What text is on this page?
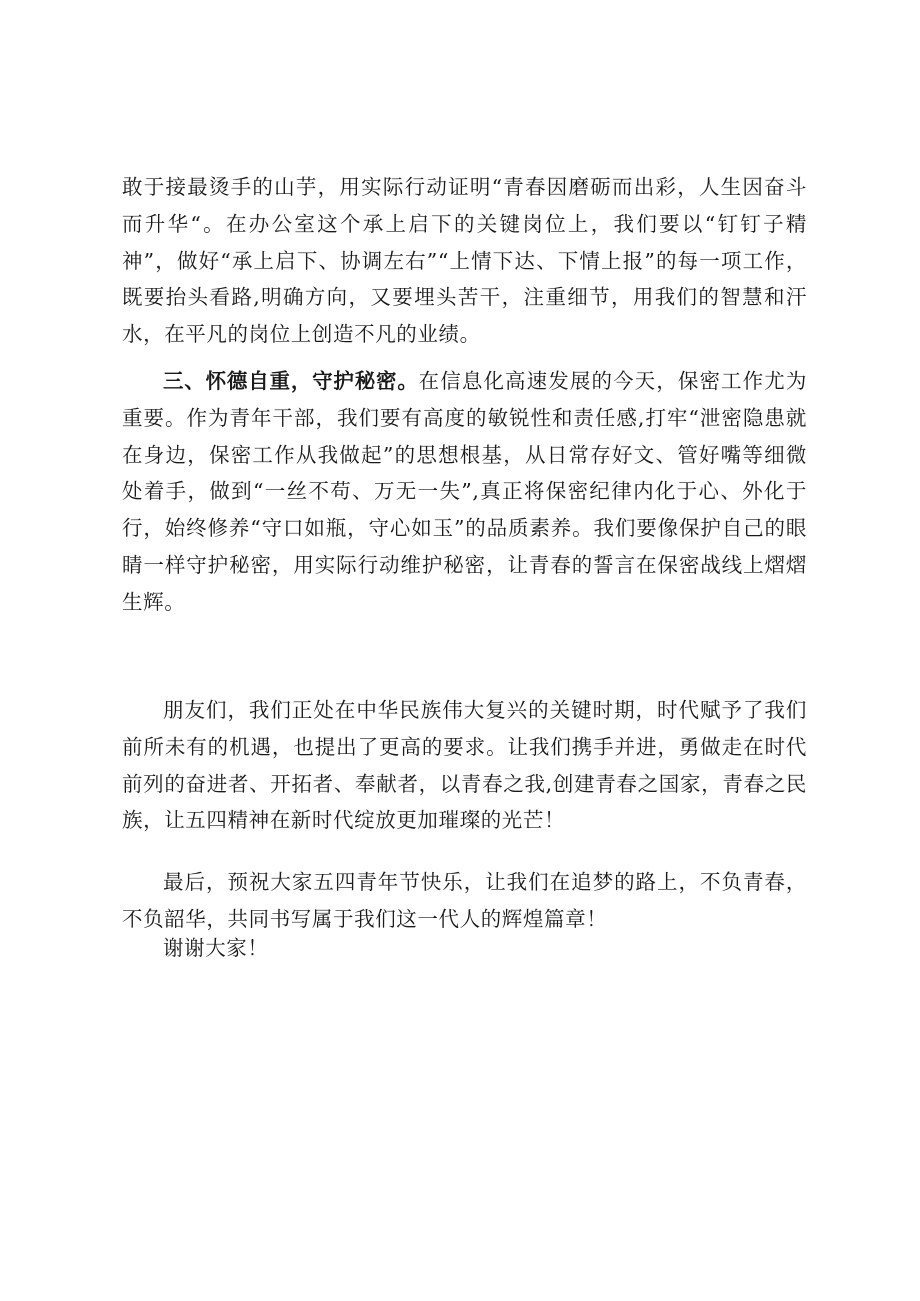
敢于接最烫手的山芋，用实际行动证明“青春因磨砺而出彩，人生因奋斗而升华“。在办公室这个承上启下的关键岗位上，我们要以“钉钉子精神”，做好“承上启下、协调左右”“上情下达、下情上报”的每一项工作，既要抬头看路,明确方向，又要埋头苦干，注重细节，用我们的智慧和汗水，在平凡的岗位上创造不凡的业绩。

三、怀德自重，守护秘密。在信息化高速发展的今天，保密工作尤为重要。作为青年干部，我们要有高度的敏锐性和责任感,打牢“泄密隐患就在身边，保密工作从我做起”的思想根基，从日常存好文、管好嘴等细微处着手，做到“一丝不苟、万无一失”,真正将保密纪律内化于心、外化于行，始终修养“守口如瓶，守心如玉”的品质素养。我们要像保护自己的眼睛一样守护秘密，用实际行动维护秘密，让青春的誓言在保密战线上熠熠生辉。

朋友们，我们正处在中华民族伟大复兴的关键时期，时代赋予了我们前所未有的机遇，也提出了更高的要求。让我们携手并进，勇做走在时代前列的奋进者、开拓者、奉献者，以青春之我,创建青春之国家，青春之民族，让五四精神在新时代绽放更加璀璨的光芒！

最后，预祝大家五四青年节快乐，让我们在追梦的路上，不负青春，不负韶华，共同书写属于我们这一代人的辉煌篇章！

谢谢大家！
